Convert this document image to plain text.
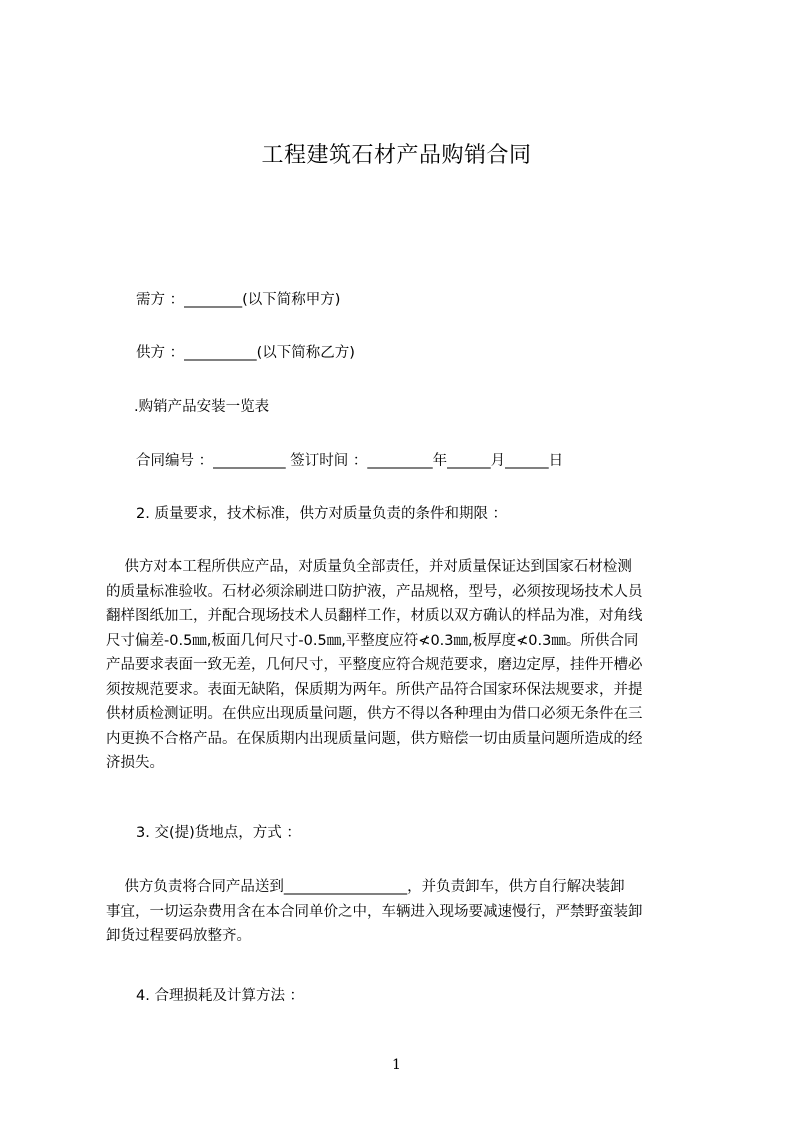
工程建筑石材产品购销合同
需方 ：________(以下简称甲方)
供方 ：__________(以下简称乙方)
.购销产品安装一览表
合同编号 ：__________ 签订时间 ：_________年______月______日
2. 质量要求，技术标准，供方对质量负责的条件和期限 ：
供方对本工程所供应产品，对质量负全部责任，并对质量保证达到国家石材检测
的质量标准验收。石材必须涂刷进口防护液，产品规格，型号，必须按现场技术人员
翻样图纸加工，并配合现场技术人员翻样工作，材质以双方确认的样品为准，对角线
尺寸偏差-0.5㎜,板面几何尺寸-0.5㎜,平整度应符≮0.3㎜,板厚度≮0.3㎜。所供合同
产品要求表面一致无差，几何尺寸，平整度应符合规范要求，磨边定厚，挂件开槽必
须按规范要求。表面无缺陷，保质期为两年。所供产品符合国家环保法规要求，并提
供材质检测证明。在供应出现质量问题，供方不得以各种理由为借口必须无条件在三
内更换不合格产品。在保质期内出现质量问题，供方赔偿一切由质量问题所造成的经
济损失。
3. 交(提)货地点，方式 ：
供方负责将合同产品送到_________________，并负责卸车，供方自行解决装卸
事宜，一切运杂费用含在本合同单价之中，车辆进入现场要减速慢行，严禁野蛮装卸
卸货过程要码放整齐。
4. 合理损耗及计算方法 ：
1
